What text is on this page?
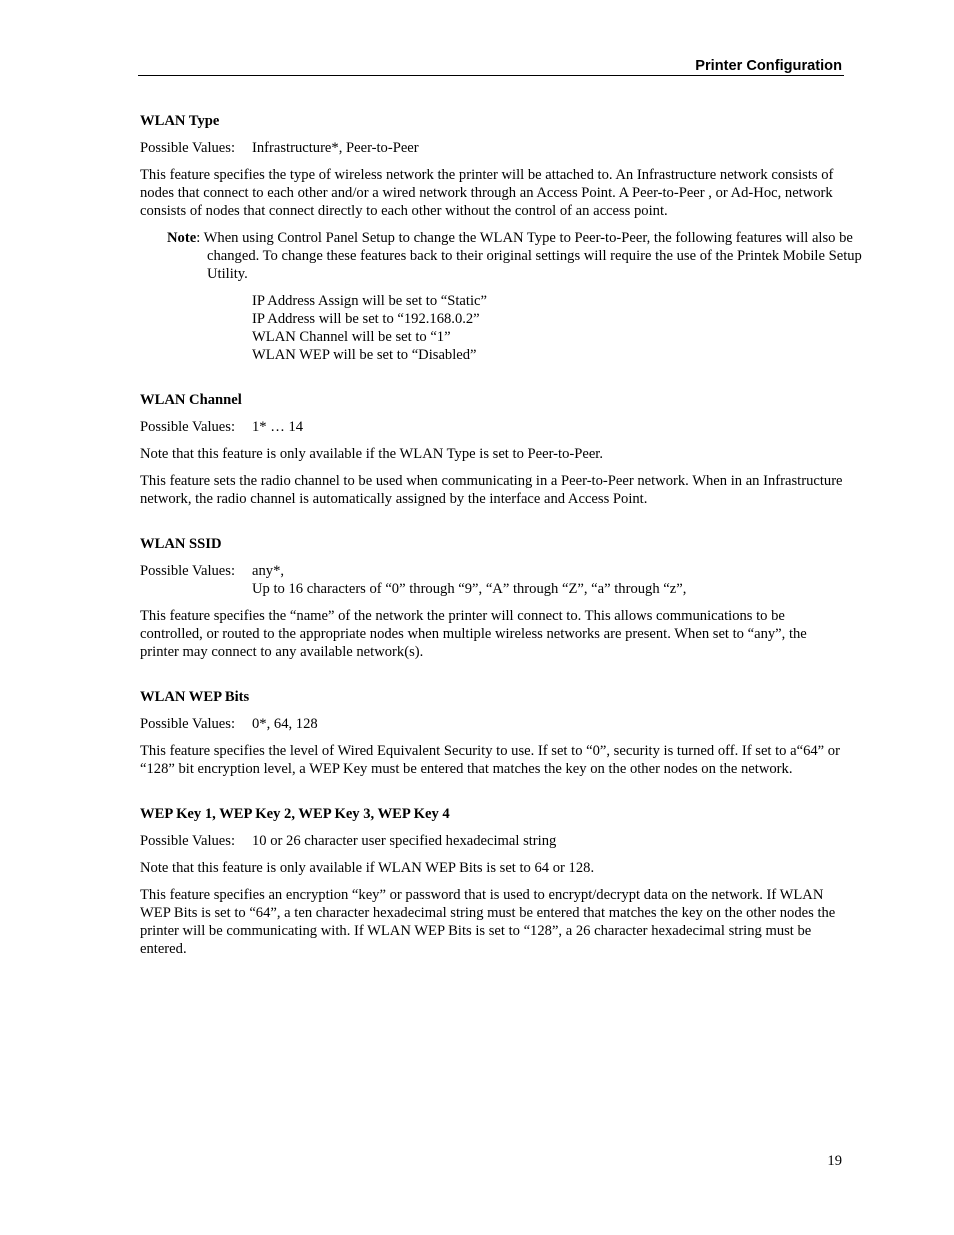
Printer Configuration
WLAN Type
Possible Values:	Infrastructure*, Peer-to-Peer

This feature specifies the type of wireless network the printer will be attached to. An Infrastructure network consists of nodes that connect to each other and/or a wired network through an Access Point. A Peer-to-Peer , or Ad-Hoc, network consists of nodes that connect directly to each other without the control of an access point.

Note: When using Control Panel Setup to change the WLAN Type to Peer-to-Peer, the following features will also be changed. To change these features back to their original settings will require the use of the Printek Mobile Setup Utility.
IP Address Assign will be set to “Static”
IP Address will be set to “192.168.0.2”
WLAN Channel will be set to “1”
WLAN WEP will be set to “Disabled”
WLAN Channel
Possible Values:	1* … 14

Note that this feature is only available if the WLAN Type is set to Peer-to-Peer.

This feature sets the radio channel to be used when communicating in a Peer-to-Peer network. When in an Infrastructure network, the radio channel is automatically assigned by the interface and Access Point.

WLAN SSID
Possible Values:	any*,
Up to 16 characters of “0” through “9”, “A” through “Z”, “a” through “z”,

This feature specifies the “name” of the network the printer will connect to. This allows communications to be controlled, or routed to the appropriate nodes when multiple wireless networks are present. When set to “any”, the printer may connect to any available network(s).

WLAN WEP Bits
Possible Values:	0*, 64, 128

This feature specifies the level of Wired Equivalent Security to use. If set to “0”, security is turned off. If set to a“64” or “128” bit encryption level, a WEP Key must be entered that matches the key on the other nodes on the network.

WEP Key 1, WEP Key 2, WEP Key 3, WEP Key 4
Possible Values:	10 or 26 character user specified hexadecimal string

Note that this feature is only available if WLAN WEP Bits is set to 64 or 128.

This feature specifies an encryption “key” or password that is used to encrypt/decrypt data on the network. If WLAN WEP Bits is set to “64”, a ten character hexadecimal string must be entered that matches the key on the other nodes the printer will be communicating with. If WLAN WEP Bits is set to “128”, a 26 character hexadecimal string must be entered.

19
